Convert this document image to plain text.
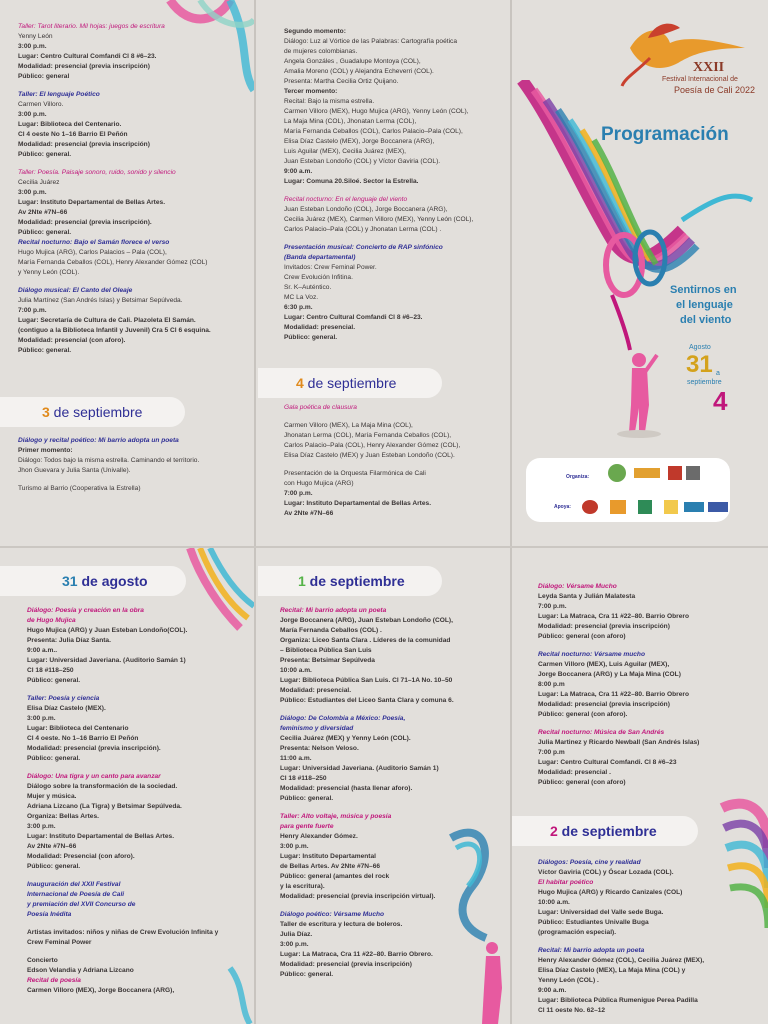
Taller: Tarot literario. Mil hojas: juegos de escritura
Yenny León
3:00 p.m.
Lugar: Centro Cultural Comfandi Cl 8 #6–23.
Modalidad: presencial (previa inscripción)
Público: general
Taller: El lenguaje Poético
Carmen Villoro.
3:00 p.m.
Lugar: Biblioteca del Centenario.
Cl 4 oeste No 1–16 Barrio El Peñón
Modalidad: presencial (previa inscripción)
Público: general.
Taller: Poesía. Paisaje sonoro, ruido, sonido y silencio
Cecilia Juárez
3:00 p.m.
Lugar: Instituto Departamental de Bellas Artes.
Av 2Nte #7N–66
Modalidad: presencial (previa inscripción).
Público: general.
Recital nocturno: Bajo el Samán florece el verso
Hugo Mujica (ARG), Carlos Palacios – Pala (COL),
María Fernanda Ceballos (COL), Henry Alexander Gómez (COL)
y Yenny León (COL).
Diálogo musical: El Canto del Oleaje
Julia Martínez (San Andrés Islas) y Betsimar Sepúlveda.
7:00 p.m.
Lugar: Secretaría de Cultura de Cali. Plazoleta El Samán.
(contiguo a la Biblioteca Infantil y Juvenil) Cra 5 Cl 6 esquina.
Modalidad: presencial (con aforo).
Público: general.
3 de septiembre
Diálogo y recital poético: Mi barrio adopta un poeta
Primer momento:
Diálogo: Todos bajo la misma estrella. Caminando el territorio.
Jhon Guevara y Julia Santa (Univalle).
Turismo al Barrio (Cooperativa la Estrella)
Segundo momento:
Diálogo: Luz al Vórtice de las Palabras: Cartografía poética
de mujeres colombianas.
Angela Gonzáles , Guadalupe Montoya (COL),
Amalia Moreno (COL) y Alejandra Echeverri (COL).
Presenta: Martha Cecilia Ortiz Quijano.
Tercer momento:
Recital: Bajo la misma estrella.
Carmen Villoro (MEX), Hugo Mujica (ARG), Yenny León (COL),
La Maja Mina (COL), Jhonatan Lerma (COL),
María Fernanda Ceballos (COL), Carlos Palacio–Pala (COL),
Elisa Díaz Castelo (MEX), Jorge Boccanera (ARG),
Luis Aguilar (MEX), Cecilia Juárez (MEX),
Juan Esteban Londoño (COL) y Víctor Gaviria (COL).
9:00 a.m.
Lugar: Comuna 20.Siloé. Sector la Estrella.
Recital nocturno: En el lenguaje del viento
Juan Esteban Londoño (COL), Jorge Boccanera (ARG),
Cecilia Juárez (MEX), Carmen Villoro (MEX), Yenny León (COL),
Carlos Palacio–Pala (COL) y Jhonatan Lerma (COL) .
Presentación musical: Concierto de RAP sinfónico
(Banda departamental)
Invitados: Crew Feminal Power.
Crew Evolución Infitina.
Sr. K–Auténtico.
MC La Voz.
6:30 p.m.
Lugar: Centro Cultural Comfandi Cl 8 #6–23.
Modalidad: presencial.
Público: general.
4 de septiembre
Gala poética de clausura
Carmen Villoro (MEX), La Maja Mina (COL),
Jhonatan Lerma (COL), María Fernanda Ceballos (COL),
Carlos Palacio–Pala (COL), Henry Alexander Gómez (COL),
Elisa Díaz Castelo (MEX) y Juan Esteban Londoño (COL).
Presentación de la Orquesta Filarmónica de Cali
con Hugo Mujica (ARG)
7:00 p.m.
Lugar: Instituto Departamental de Bellas Artes.
Av 2Nte #7N–66
XXII
Festival Internacional de
Poesía de Cali 2022
Programación
Sentirnos en
el lenguaje
del viento
Agosto
31 a
septiembre
4
Organiza:
Apoya:
31 de agosto
Diálogo: Poesía y creación en la obra
de Hugo Mujica
Hugo Mujica (ARG) y Juan Esteban Londoño(COL).
Presenta: Julia Díaz Santa.
9:00 a.m..
Lugar: Universidad Javeriana. (Auditorio Samán 1)
Cl 18 #118–250
Público: general.
Taller: Poesía y ciencia
Elisa Díaz Castelo (MEX).
3:00 p.m.
Lugar: Biblioteca del Centenario
Cl 4 oeste. No 1–16 Barrio El Peñón
Modalidad: presencial (previa inscripción).
Público: general.
Diálogo: Una tigra y un canto para avanzar
Diálogo sobre la transformación de la sociedad.
Mujer y música.
Adriana Lizcano (La Tigra) y Betsimar Sepúlveda.
Organiza: Bellas Artes.
3:00 p.m.
Lugar: Instituto Departamental de Bellas Artes.
Av 2Nte #7N–66
Modalidad: Presencial (con aforo).
Público: general.
Inauguración del XXII Festival
Internacional de Poesía de Cali
y premiación del XVII Concurso de
Poesía Inédita
Artistas invitados: niños y niñas de Crew Evolución Infinita y
Crew Feminal Power
Concierto
Edson Velandia y Adriana Lizcano
Recital de poesía
Carmen Villoro (MEX), Jorge Boccanera (ARG),
1 de septiembre
Recital: Mi barrio adopta un poeta
Jorge Boccanera (ARG), Juan Esteban Londoño (COL),
María Fernanda Ceballos (COL) .
Organiza: Liceo Santa Clara . Líderes de la comunidad
– Biblioteca Pública San Luis
Presenta: Betsimar Sepúlveda
10:00 a.m.
Lugar: Biblioteca Pública San Luis. Cl 71–1A No. 10–50
Modalidad: presencial.
Público: Estudiantes del Liceo Santa Clara y comuna 6.
Diálogo: De Colombia a México: Poesía,
feminismo y diversidad
Cecilia Juárez (MEX) y Yenny León (COL).
Presenta: Nelson Veloso.
11:00 a.m.
Lugar: Universidad Javeriana. (Auditorio Samán 1)
Cl 18 #118–250
Modalidad: presencial (hasta llenar aforo).
Público: general.
Taller: Alto voltaje, música y poesía
para gente fuerte
Henry Alexander Gómez.
3:00 p.m.
Lugar: Instituto Departamental
de Bellas Artes. Av 2Nte #7N–66
Público: general (amantes del rock
y la escritura).
Modalidad: presencial (previa inscripción virtual).
Diálogo poético: Vérsame Mucho
Taller de escritura y lectura de boleros.
Julia Díaz.
3:00 p.m.
Lugar: La Matraca, Cra 11 #22–80. Barrio Obrero.
Modalidad: presencial (previa inscripción)
Público: general.
Diálogo: Vérsame Mucho
Leyda Santa y Julián Malatesta
7:00 p.m.
Lugar: La Matraca, Cra 11 #22–80. Barrio Obrero
Modalidad: presencial (previa inscripción)
Público: general (con aforo)
Recital nocturno: Vérsame mucho
Carmen Villoro (MEX), Luis Aguilar (MEX),
Jorge Boccanera (ARG) y La Maja Mina (COL)
8:00 p.m
Lugar: La Matraca, Cra 11 #22–80. Barrio Obrero
Modalidad: presencial (previa inscripción)
Público: general (con aforo).
Recital nocturno: Música de San Andrés
Julia Martinez y Ricardo Newball (San Andrés Islas)
7:00 p.m
Lugar: Centro Cultural Comfandi. Cl 8 #6–23
Modalidad: presencial .
Público: general (con aforo)
2 de septiembre
Diálogos: Poesía, cine y realidad
Víctor Gaviria (COL) y Óscar Lozada (COL).
El habitar poético
Hugo Mujica (ARG) y Ricardo Canizales (COL)
10:00 a.m.
Lugar: Universidad del Valle sede Buga.
Público: Estudiantes Univalle Buga
(programación especial).
Recital: Mi barrio adopta un poeta
Henry Alexander Gómez (COL), Cecilia Juárez (MEX),
Elisa Díaz Castelo (MEX), La Maja Mina (COL) y
Yenny León (COL) .
9:00 a.m.
Lugar: Biblioteca Pública Rumenigue Perea Padilla
Cl 11 oeste No. 62–12
